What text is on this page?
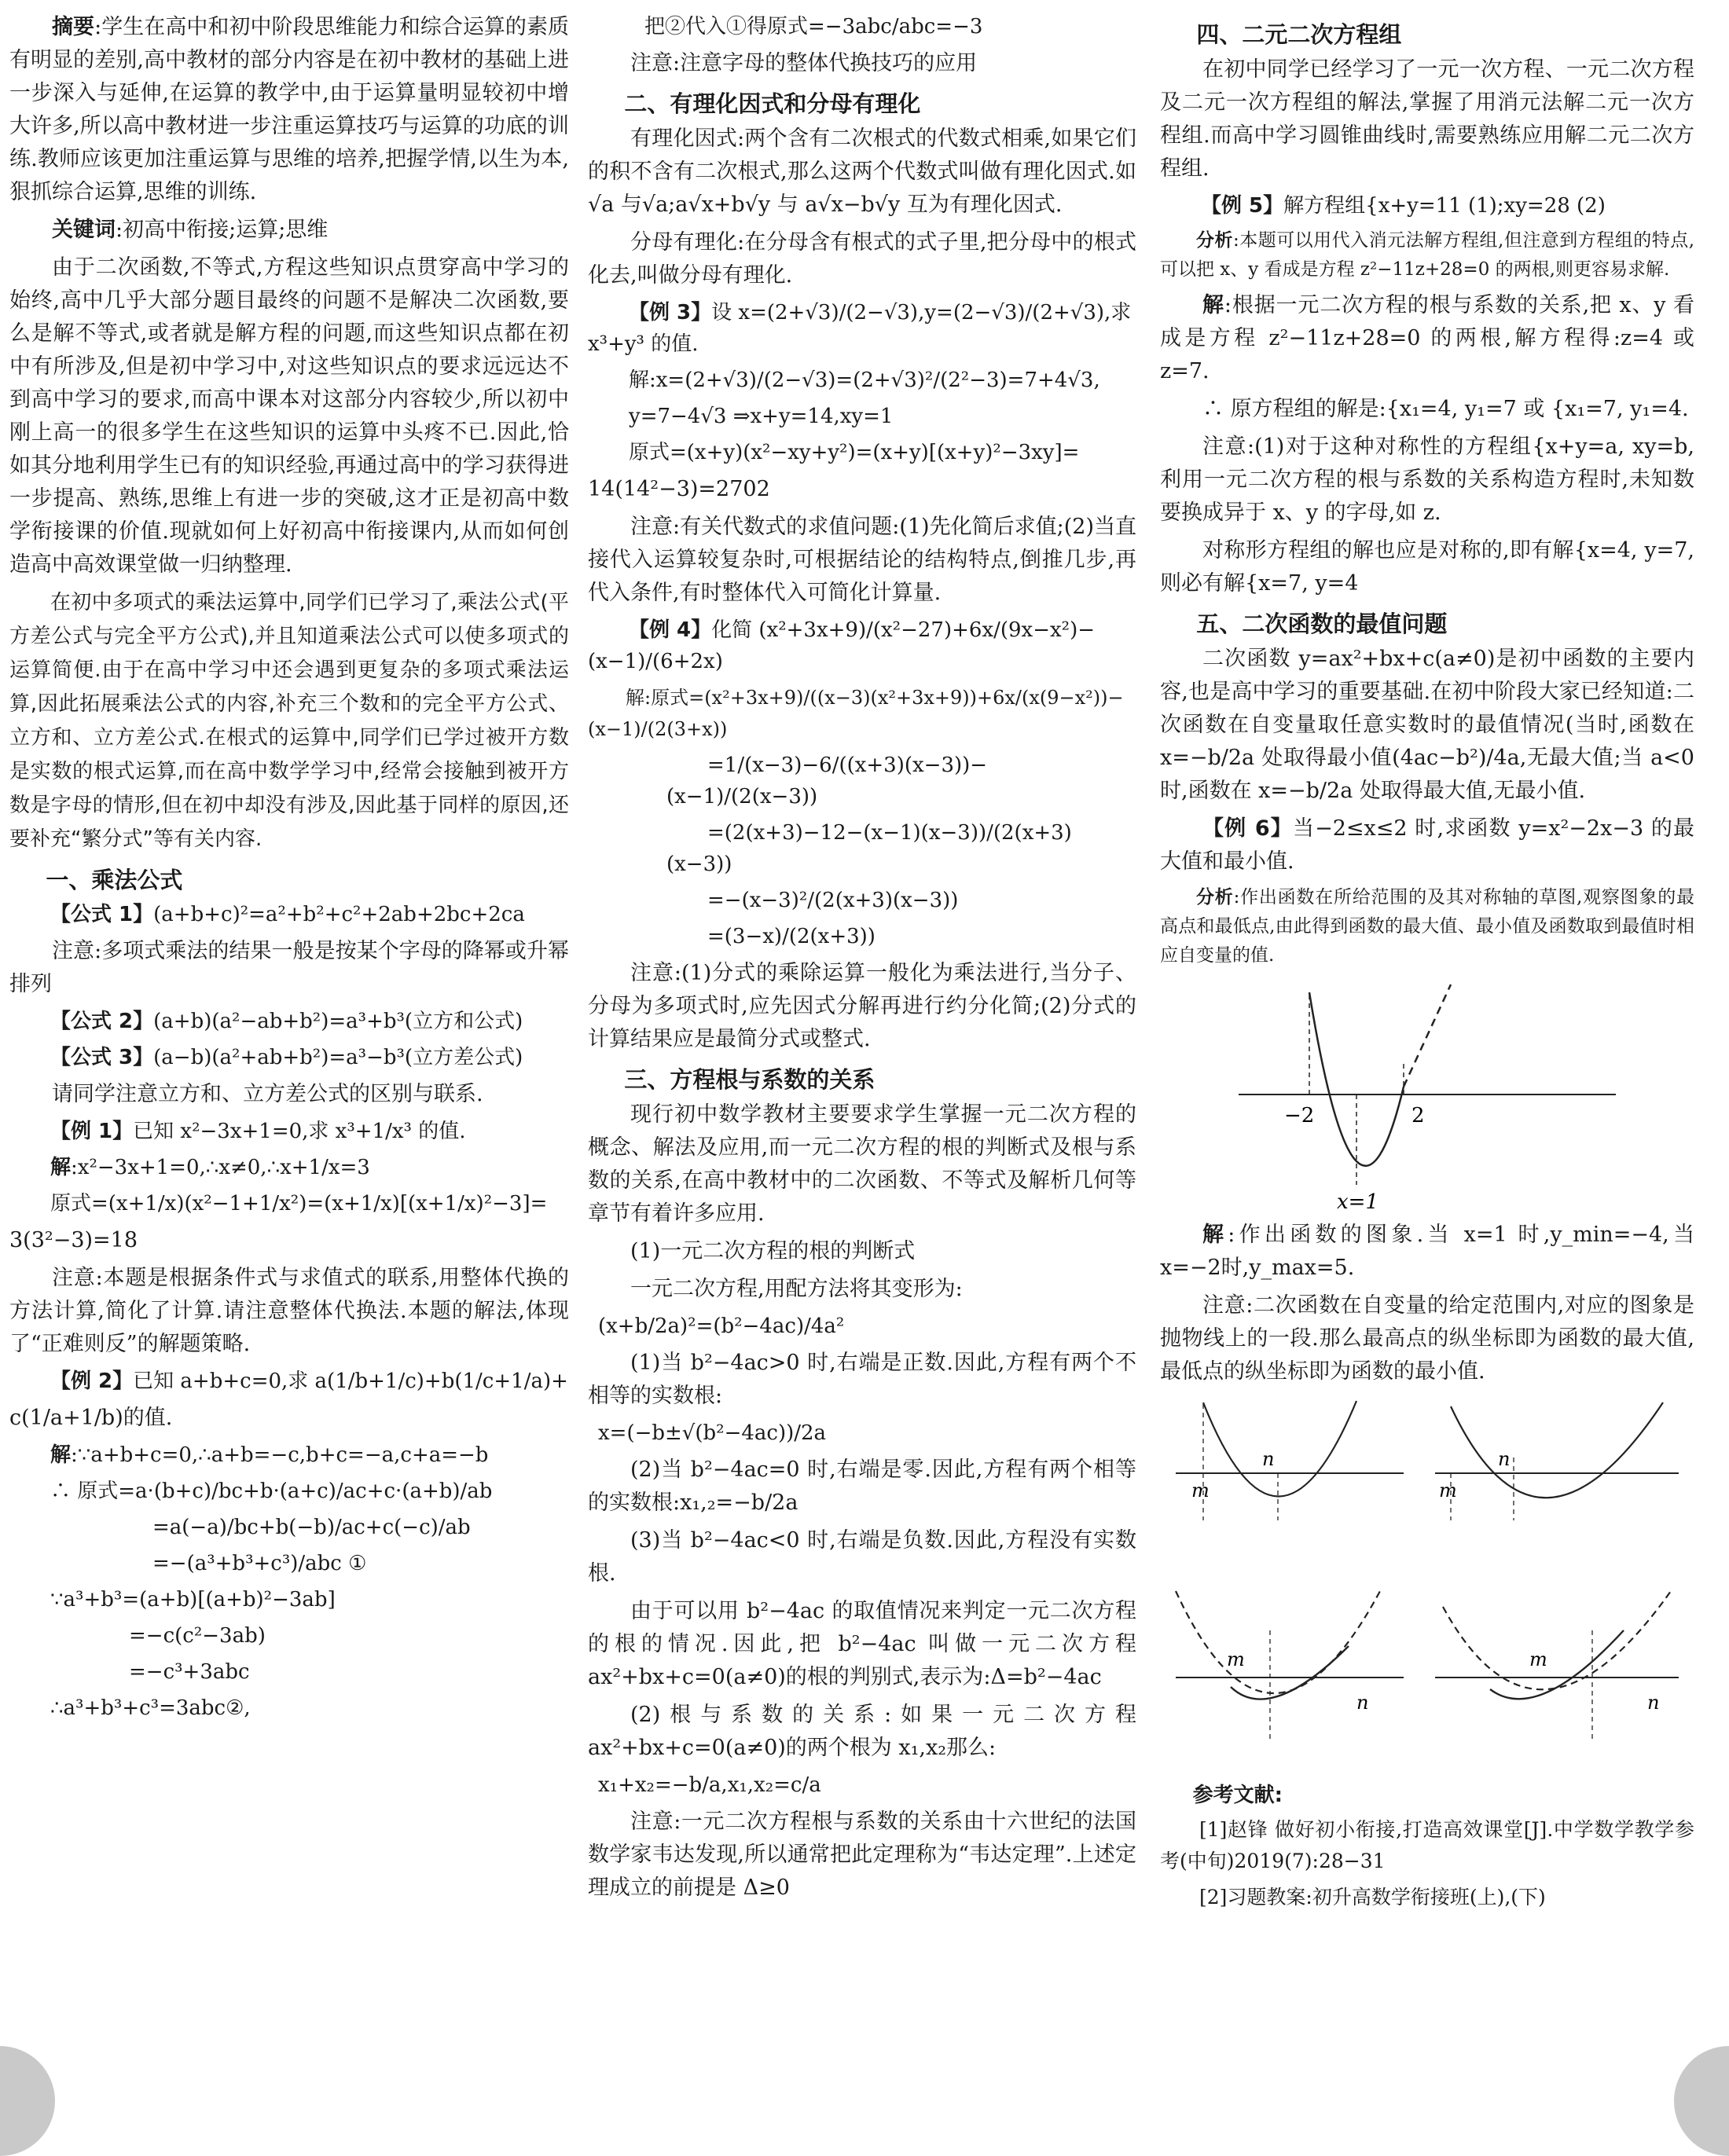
摘要:学生在高中和初中阶段思维能力和综合运算的素质有明显的差别,高中教材的部分内容是在初中教材的基础上进一步深入与延伸,在运算的教学中,由于运算量明显较初中增大许多,所以高中教材进一步注重运算技巧与运算的功底的训练.教师应该更加注重运算与思维的培养,把握学情,以生为本,狠抓综合运算,思维的训练.

关键词:初高中衔接;运算;思维

由于二次函数,不等式,方程这些知识点贯穿高中学习的始终,高中几乎大部分题目最终的问题不是解决二次函数,要么是解不等式,或者就是解方程的问题,而这些知识点都在初中有所涉及,但是初中学习中,对这些知识点的要求远远达不到高中学习的要求,而高中课本对这部分内容较少,所以初中刚上高一的很多学生在这些知识的运算中头疼不已.因此,恰如其分地利用学生已有的知识经验,再通过高中的学习获得进一步提高、熟练,思维上有进一步的突破,这才正是初高中数学衔接课的价值.现就如何上好初高中衔接课内,从而如何创造高中高效课堂做一归纳整理.

在初中多项式的乘法运算中,同学们已学习了,乘法公式(平方差公式与完全平方公式),并且知道乘法公式可以使多项式的运算简便.由于在高中学习中还会遇到更复杂的多项式乘法运算,因此拓展乘法公式的内容,补充三个数和的完全平方公式、立方和、立方差公式.在根式的运算中,同学们已学过被开方数是实数的根式运算,而在高中数学学习中,经常会接触到被开方数是字母的情形,但在初中却没有涉及,因此基于同样的原因,还要补充“繁分式”等有关内容.

一、乘法公式

【公式 1】(a+b+c)²=a²+b²+c²+2ab+2bc+2ca

注意:多项式乘法的结果一般是按某个字母的降幂或升幂排列

【公式 2】(a+b)(a²−ab+b²)=a³+b³(立方和公式)

【公式 3】(a−b)(a²+ab+b²)=a³−b³(立方差公式)

请同学注意立方和、立方差公式的区别与联系.

【例 1】已知 x²−3x+1=0,求 x³+1/x³ 的值.

解:x²−3x+1=0,∴x≠0,∴x+1/x=3

原式=(x+1/x)(x²−1+1/x²)=(x+1/x)[(x+1/x)²−3]=

3(3²−3)=18

注意:本题是根据条件式与求值式的联系,用整体代换的方法计算,简化了计算.请注意整体代换法.本题的解法,体现了“正难则反”的解题策略.

【例 2】已知 a+b+c=0,求 a(1/b+1/c)+b(1/c+1/a)+

c(1/a+1/b)的值.

解:∵a+b+c=0,∴a+b=−c,b+c=−a,c+a=−b

∴ 原式=a·(b+c)/bc+b·(a+c)/ac+c·(a+b)/ab

=a(−a)/bc+b(−b)/ac+c(−c)/ab

=−(a³+b³+c³)/abc ①

∵a³+b³=(a+b)[(a+b)²−3ab]

=−c(c²−3ab)

=−c³+3abc

∴a³+b³+c³=3abc②,

把②代入①得原式=−3abc/abc=−3

注意:注意字母的整体代换技巧的应用

二、有理化因式和分母有理化

有理化因式:两个含有二次根式的代数式相乘,如果它们的积不含有二次根式,那么这两个代数式叫做有理化因式.如√a 与√a;a√x+b√y 与 a√x−b√y 互为有理化因式.

分母有理化:在分母含有根式的式子里,把分母中的根式化去,叫做分母有理化.

【例 3】设 x=(2+√3)/(2−√3),y=(2−√3)/(2+√3),求 x³+y³ 的值.

解:x=(2+√3)/(2−√3)=(2+√3)²/(2²−3)=7+4√3,

y=7−4√3 ⇒x+y=14,xy=1

原式=(x+y)(x²−xy+y²)=(x+y)[(x+y)²−3xy]=

14(14²−3)=2702

注意:有关代数式的求值问题:(1)先化简后求值;(2)当直接代入运算较复杂时,可根据结论的结构特点,倒推几步,再代入条件,有时整体代入可简化计算量.

【例 4】化简 (x²+3x+9)/(x²−27)+6x/(9x−x²)−(x−1)/(6+2x)

解:原式=(x²+3x+9)/((x−3)(x²+3x+9))+6x/(x(9−x²))−(x−1)/(2(3+x))

=1/(x−3)−6/((x+3)(x−3))−(x−1)/(2(x−3))

=(2(x+3)−12−(x−1)(x−3))/(2(x+3)(x−3))

=−(x−3)²/(2(x+3)(x−3))

=(3−x)/(2(x+3))

注意:(1)分式的乘除运算一般化为乘法进行,当分子、分母为多项式时,应先因式分解再进行约分化简;(2)分式的计算结果应是最简分式或整式.

三、方程根与系数的关系

现行初中数学教材主要要求学生掌握一元二次方程的概念、解法及应用,而一元二次方程的根的判断式及根与系数的关系,在高中教材中的二次函数、不等式及解析几何等章节有着许多应用.

(1)一元二次方程的根的判断式

一元二次方程,用配方法将其变形为:

(x+b/2a)²=(b²−4ac)/4a²

(1)当 b²−4ac>0 时,右端是正数.因此,方程有两个不相等的实数根:

x=(−b±√(b²−4ac))/2a

(2)当 b²−4ac=0 时,右端是零.因此,方程有两个相等的实数根:x₁,₂=−b/2a

(3)当 b²−4ac<0 时,右端是负数.因此,方程没有实数根.

由于可以用 b²−4ac 的取值情况来判定一元二次方程的根的情况.因此,把 b²−4ac 叫做一元二次方程 ax²+bx+c=0(a≠0)的根的判别式,表示为:Δ=b²−4ac

(2)根与系数的关系:如果一元二次方程 ax²+bx+c=0(a≠0)的两个根为 x₁,x₂那么:

x₁+x₂=−b/a,x₁,x₂=c/a

注意:一元二次方程根与系数的关系由十六世纪的法国数学家韦达发现,所以通常把此定理称为“韦达定理”.上述定理成立的前提是 Δ≥0

四、二元二次方程组

在初中同学已经学习了一元一次方程、一元二次方程及二元一次方程组的解法,掌握了用消元法解二元一次方程组.而高中学习圆锥曲线时,需要熟练应用解二元二次方程组.

【例 5】解方程组{x+y=11 (1);xy=28 (2)

分析:本题可以用代入消元法解方程组,但注意到方程组的特点,可以把 x、y 看成是方程 z²−11z+28=0 的两根,则更容易求解.

解:根据一元二次方程的根与系数的关系,把 x、y 看成是方程 z²−11z+28=0 的两根,解方程得:z=4 或 z=7.

∴ 原方程组的解是:{x₁=4, y₁=7 或 {x₁=7, y₁=4.

注意:(1)对于这种对称性的方程组{x+y=a, xy=b,利用一元二次方程的根与系数的关系构造方程时,未知数要换成异于 x、y 的字母,如 z.

对称形方程组的解也应是对称的,即有解{x=4, y=7,则必有解{x=7, y=4

五、二次函数的最值问题

二次函数 y=ax²+bx+c(a≠0)是初中函数的主要内容,也是高中学习的重要基础.在初中阶段大家已经知道:二次函数在自变量取任意实数时的最值情况(当时,函数在 x=−b/2a 处取得最小值(4ac−b²)/4a,无最大值;当 a<0 时,函数在 x=−b/2a 处取得最大值,无最小值.

【例 6】当−2≤x≤2 时,求函数 y=x²−2x−3 的最大值和最小值.

分析:作出函数在所给范围的及其对称轴的草图,观察图象的最高点和最低点,由此得到函数的最大值、最小值及函数取到最值时相应自变量的值.

−2	2
x=1

解:作出函数的图象.当 x=1 时,y_min=−4,当 x=−2时,y_max=5.

注意:二次函数在自变量的给定范围内,对应的图象是抛物线上的一段.那么最高点的纵坐标即为函数的最大值,最低点的纵坐标即为函数的最小值.

m
n
m
n
m
n
m
n
参考文献:

[1]赵锋 做好初小衔接,打造高效课堂[J].中学数学教学参考(中旬)2019(7):28−31

[2]习题教案:初升高数学衔接班(上),(下)
